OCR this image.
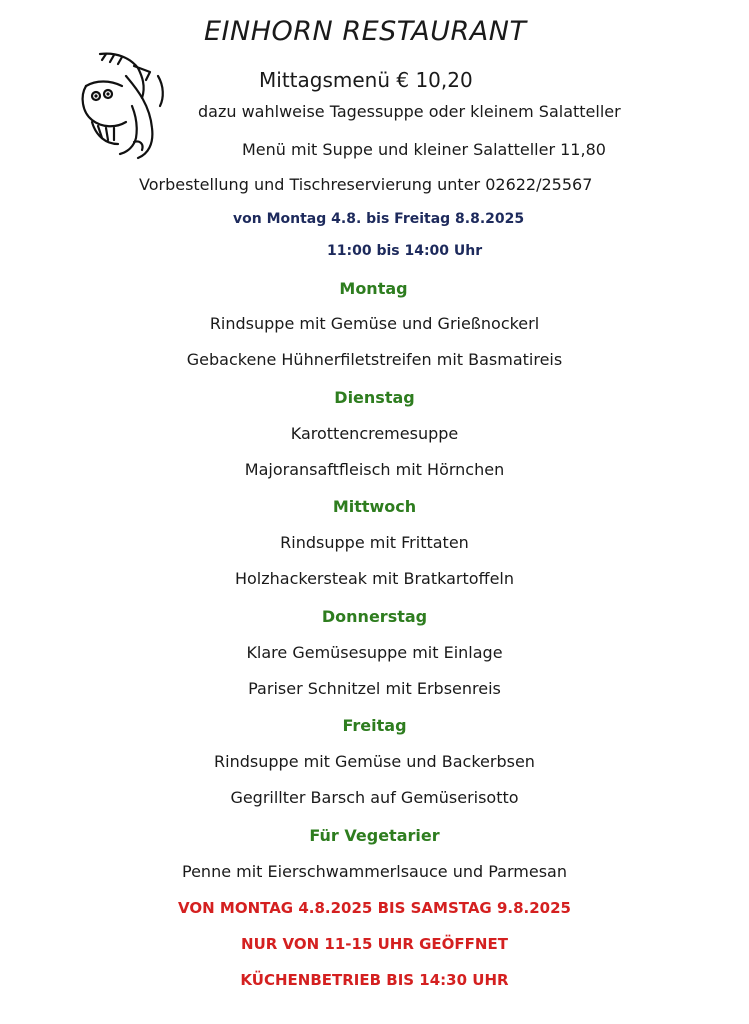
EINHORN RESTAURANT
Mittagsmenü € 10,20
dazu wahlweise Tagessuppe oder kleinem Salatteller
Menü mit Suppe und kleiner Salatteller 11,80
Vorbestellung und Tischreservierung unter 02622/25567
von Montag 4.8. bis Freitag 8.8.2025
11:00 bis 14:00 Uhr
Montag
Rindsuppe mit Gemüse und Grießnockerl
Gebackene Hühnerfiletstreifen mit Basmatireis
Dienstag
Karottencremesuppe
Majoransaftfleisch mit Hörnchen
Mittwoch
Rindsuppe mit Frittaten
Holzhackersteak mit Bratkartoffeln
Donnerstag
Klare Gemüsesuppe mit Einlage
Pariser Schnitzel mit Erbsenreis
Freitag
Rindsuppe mit Gemüse und Backerbsen
Gegrillter Barsch auf Gemüserisotto
Für Vegetarier
Penne mit Eierschwammerlsauce und Parmesan
VON MONTAG 4.8.2025 BIS SAMSTAG 9.8.2025
NUR VON 11-15 UHR GEÖFFNET
KÜCHENBETRIEB BIS 14:30 UHR
